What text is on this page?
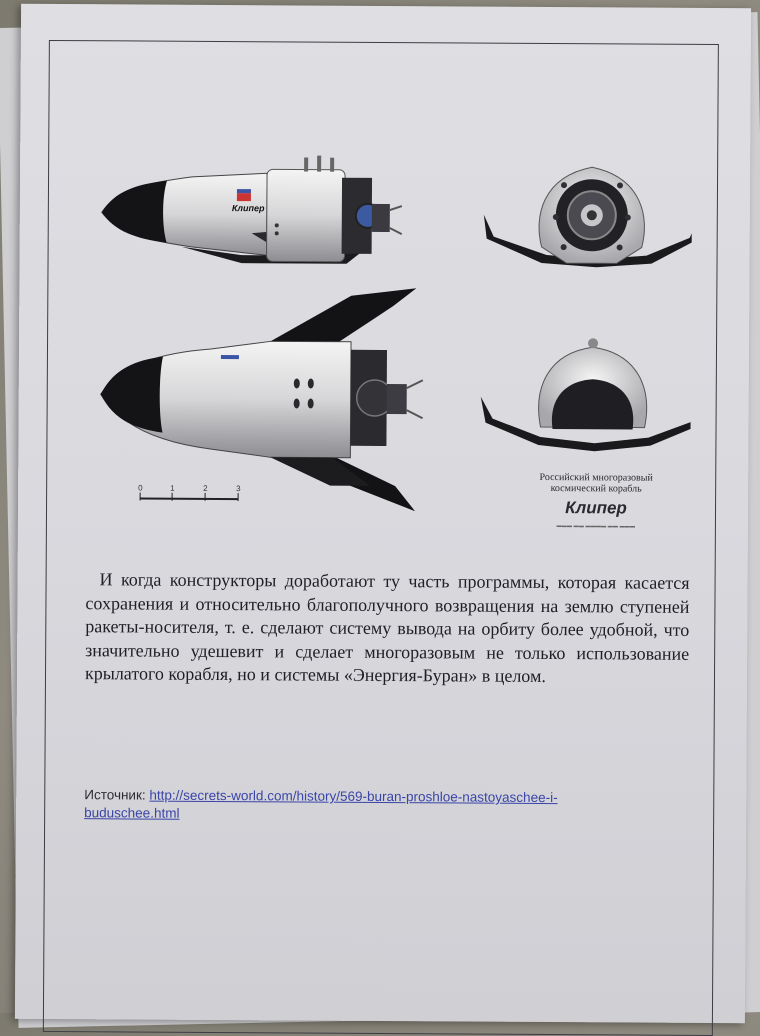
Клипер
0	1	2	3
Российский многоразовый
космический корабль
Клипер
▬▬▬ ▬▬ ▬▬▬▬ ▬▬ ▬▬▬
И когда конструкторы доработают ту часть программы, которая касается сохранения и относительно благополучного возвращения на землю ступеней ракеты-носителя, т. е. сделают систему вывода на орбиту более удобной, что значительно удешевит и сделает многоразовым не только использование крылатого корабля, но и системы «Энергия-Буран» в целом.
Источник: http://secrets-world.com/history/569-buran-proshloe-nastoyaschee-i-buduschee.html
